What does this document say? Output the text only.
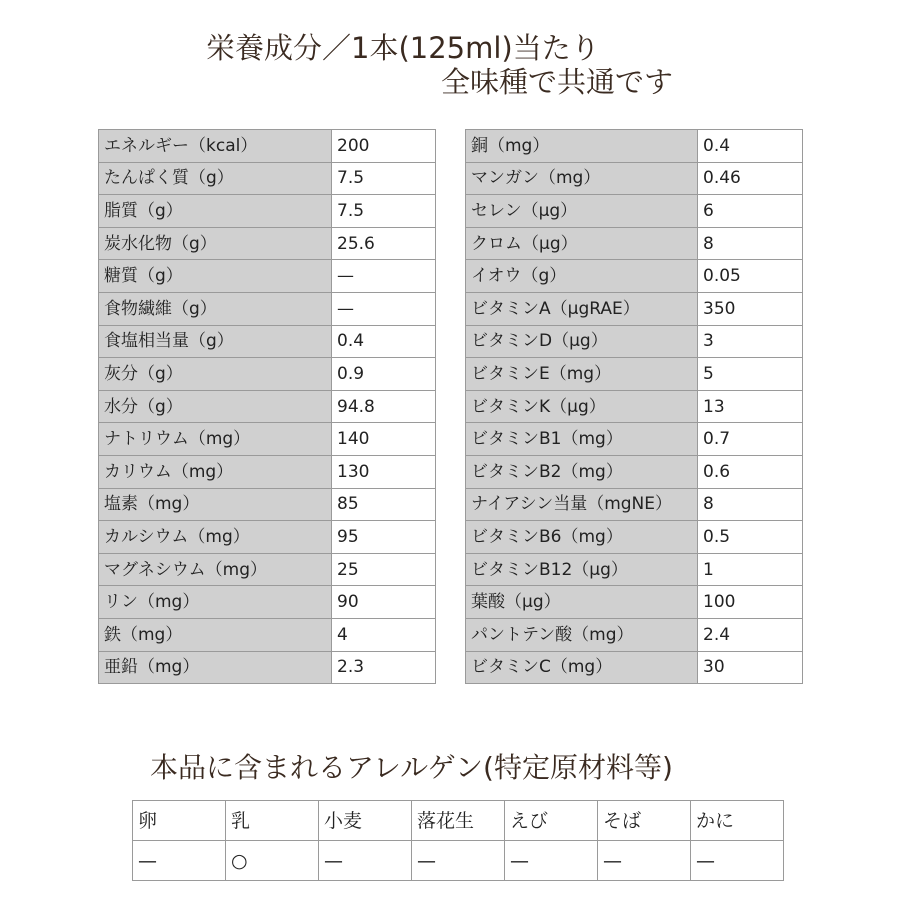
栄養成分／1本(125ml)当たり
全味種で共通です
エネルギー（kcal）	200
たんぱく質（g）	7.5
脂質（g）	7.5
炭水化物（g）	25.6
糖質（g）	—
食物繊維（g）	—
食塩相当量（g）	0.4
灰分（g）	0.9
水分（g）	94.8
ナトリウム（mg）	140
カリウム（mg）	130
塩素（mg）	85
カルシウム（mg）	95
マグネシウム（mg）	25
リン（mg）	90
鉄（mg）	4
亜鉛（mg）	2.3
銅（mg）	0.4
マンガン（mg）	0.46
セレン（μg）	6
クロム（μg）	8
イオウ（g）	0.05
ビタミンA（μgRAE）	350
ビタミンD（μg）	3
ビタミンE（mg）	5
ビタミンK（μg）	13
ビタミンB1（mg）	0.7
ビタミンB2（mg）	0.6
ナイアシン当量（mgNE）	8
ビタミンB6（mg）	0.5
ビタミンB12（μg）	1
葉酸（μg）	100
パントテン酸（mg）	2.4
ビタミンC（mg）	30
本品に含まれるアレルゲン(特定原材料等)
卵	乳	小麦	落花生	えび	そば	かに
—	○	—	—	—	—	—
